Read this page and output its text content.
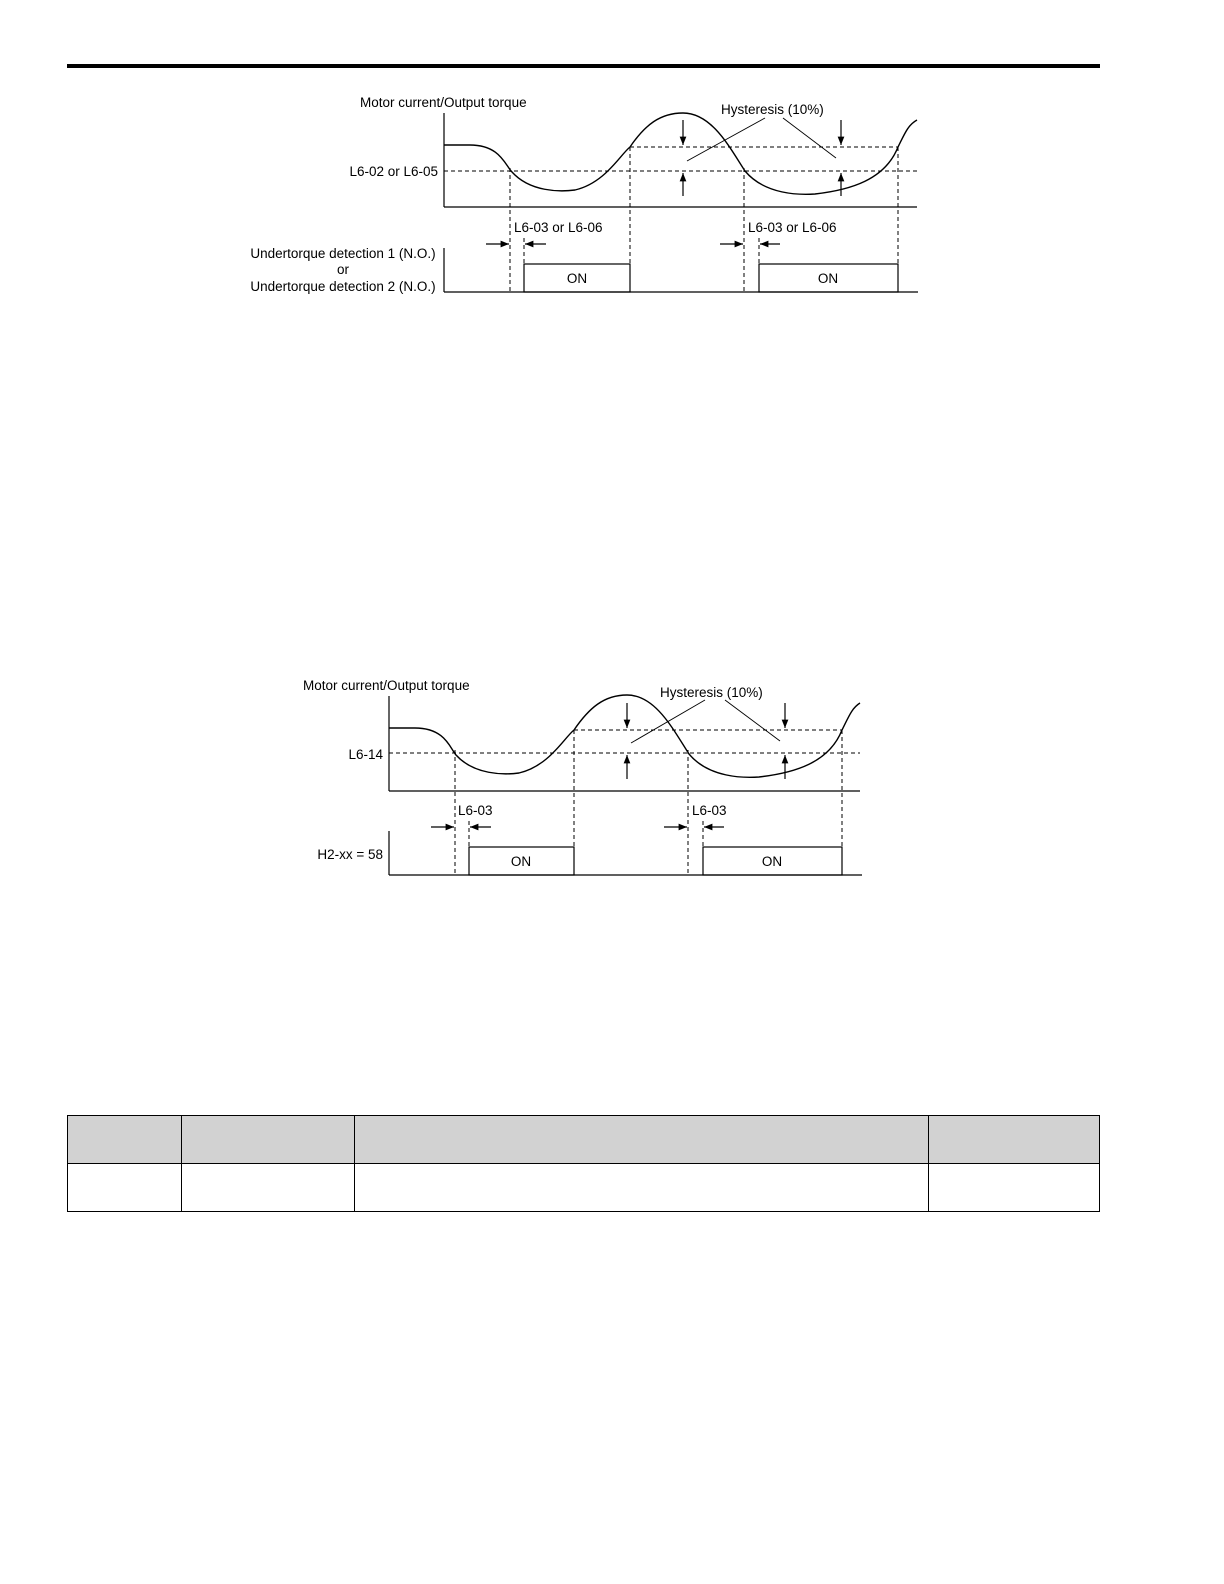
Motor current/Output torque
L6-02 or L6-05
Hysteresis (10%)
L6-03 or L6-06	L6-03 or L6-06
Undertorque detection 1 (N.O.)
or
Undertorque detection 2 (N.O.)
ON	ON
Motor current/Output torque
L6-14
Hysteresis (10%)
L6-03	L6-03
H2-xx = 58	ON	ON
